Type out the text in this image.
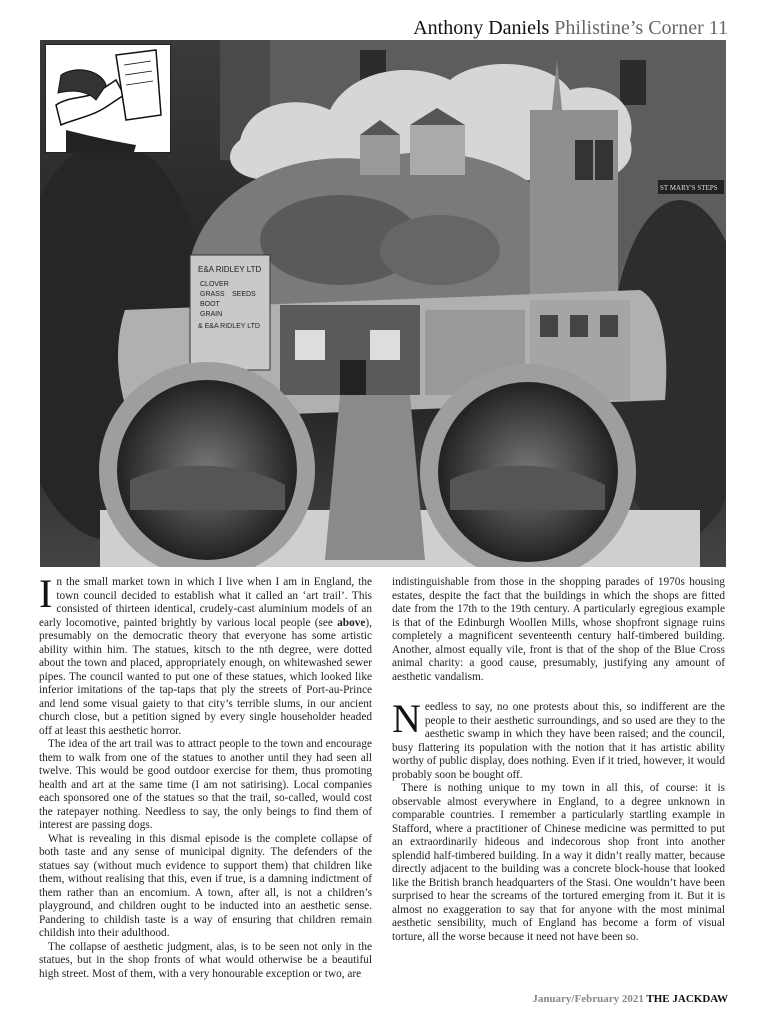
Anthony Daniels Philistine’s Corner 11
ST MARY'S STEPS
E&A RIDLEY LTD
CLOVER
GRASS SEEDS
BOOT
GRAIN
& E&A RIDLEY LTD

In the small market town in which I live when I am in England, the town council decided to establish what it called an ‘art trail’. This consisted of thirteen identical, crudely-cast aluminium models of an early locomotive, painted brightly by various local people (see above), presumably on the democratic theory that everyone has some artistic ability within him. The statues, kitsch to the nth degree, were dotted about the town and placed, appropriately enough, on whitewashed sewer pipes. The council wanted to put one of these statues, which looked like inferior imitations of the tap-taps that ply the streets of Port-au-Prince and lend some visual gaiety to that city’s terrible slums, in our ancient church close, but a petition signed by every single householder headed off at least this aesthetic horror.

The idea of the art trail was to attract people to the town and encourage them to walk from one of the statues to another until they had seen all twelve. This would be good outdoor exercise for them, thus promoting health and art at the same time (I am not satirising). Local companies each sponsored one of the statues so that the trail, so-called, would cost the ratepayer nothing. Needless to say, the only beings to find them of interest are passing dogs.

What is revealing in this dismal episode is the complete collapse of both taste and any sense of municipal dignity. The defenders of the statues say (without much evidence to support them) that children like them, without realising that this, even if true, is a damning indictment of them rather than an encomium. A town, after all, is not a children’s playground, and children ought to be inducted into an aesthetic sense. Pandering to childish taste is a way of ensuring that children remain childish into their adulthood.

The collapse of aesthetic judgment, alas, is to be seen not only in the statues, but in the shop fronts of what would otherwise be a beautiful high street. Most of them, with a very honourable exception or two, are

indistinguishable from those in the shopping parades of 1970s housing estates, despite the fact that the buildings in which the shops are fitted date from the 17th to the 19th century. A particularly egregious example is that of the Edinburgh Woollen Mills, whose shopfront signage ruins completely a magnificent seventeenth century half-timbered building. Another, almost equally vile, front is that of the shop of the Blue Cross animal charity: a good cause, presumably, justifying any amount of aesthetic vandalism.

Needless to say, no one protests about this, so indifferent are the people to their aesthetic surroundings, and so used are they to the aesthetic swamp in which they have been raised; and the council, busy flattering its population with the notion that it has artistic ability worthy of public display, does nothing. Even if it tried, however, it would probably soon be bought off.

There is nothing unique to my town in all this, of course: it is observable almost everywhere in England, to a degree unknown in comparable countries. I remember a particularly startling example in Stafford, where a practitioner of Chinese medicine was permitted to put an extraordinarily hideous and indecorous shop front into another splendid half-timbered building. In a way it didn’t really matter, because directly adjacent to the building was a concrete block-house that looked like the British branch headquarters of the Stasi. One wouldn’t have been surprised to hear the screams of the tortured emerging from it. But it is almost no exaggeration to say that for anyone with the most minimal aesthetic sensibility, much of England has become a form of visual torture, all the worse because it need not have been so.

January/February 2021 THE JACKDAW
